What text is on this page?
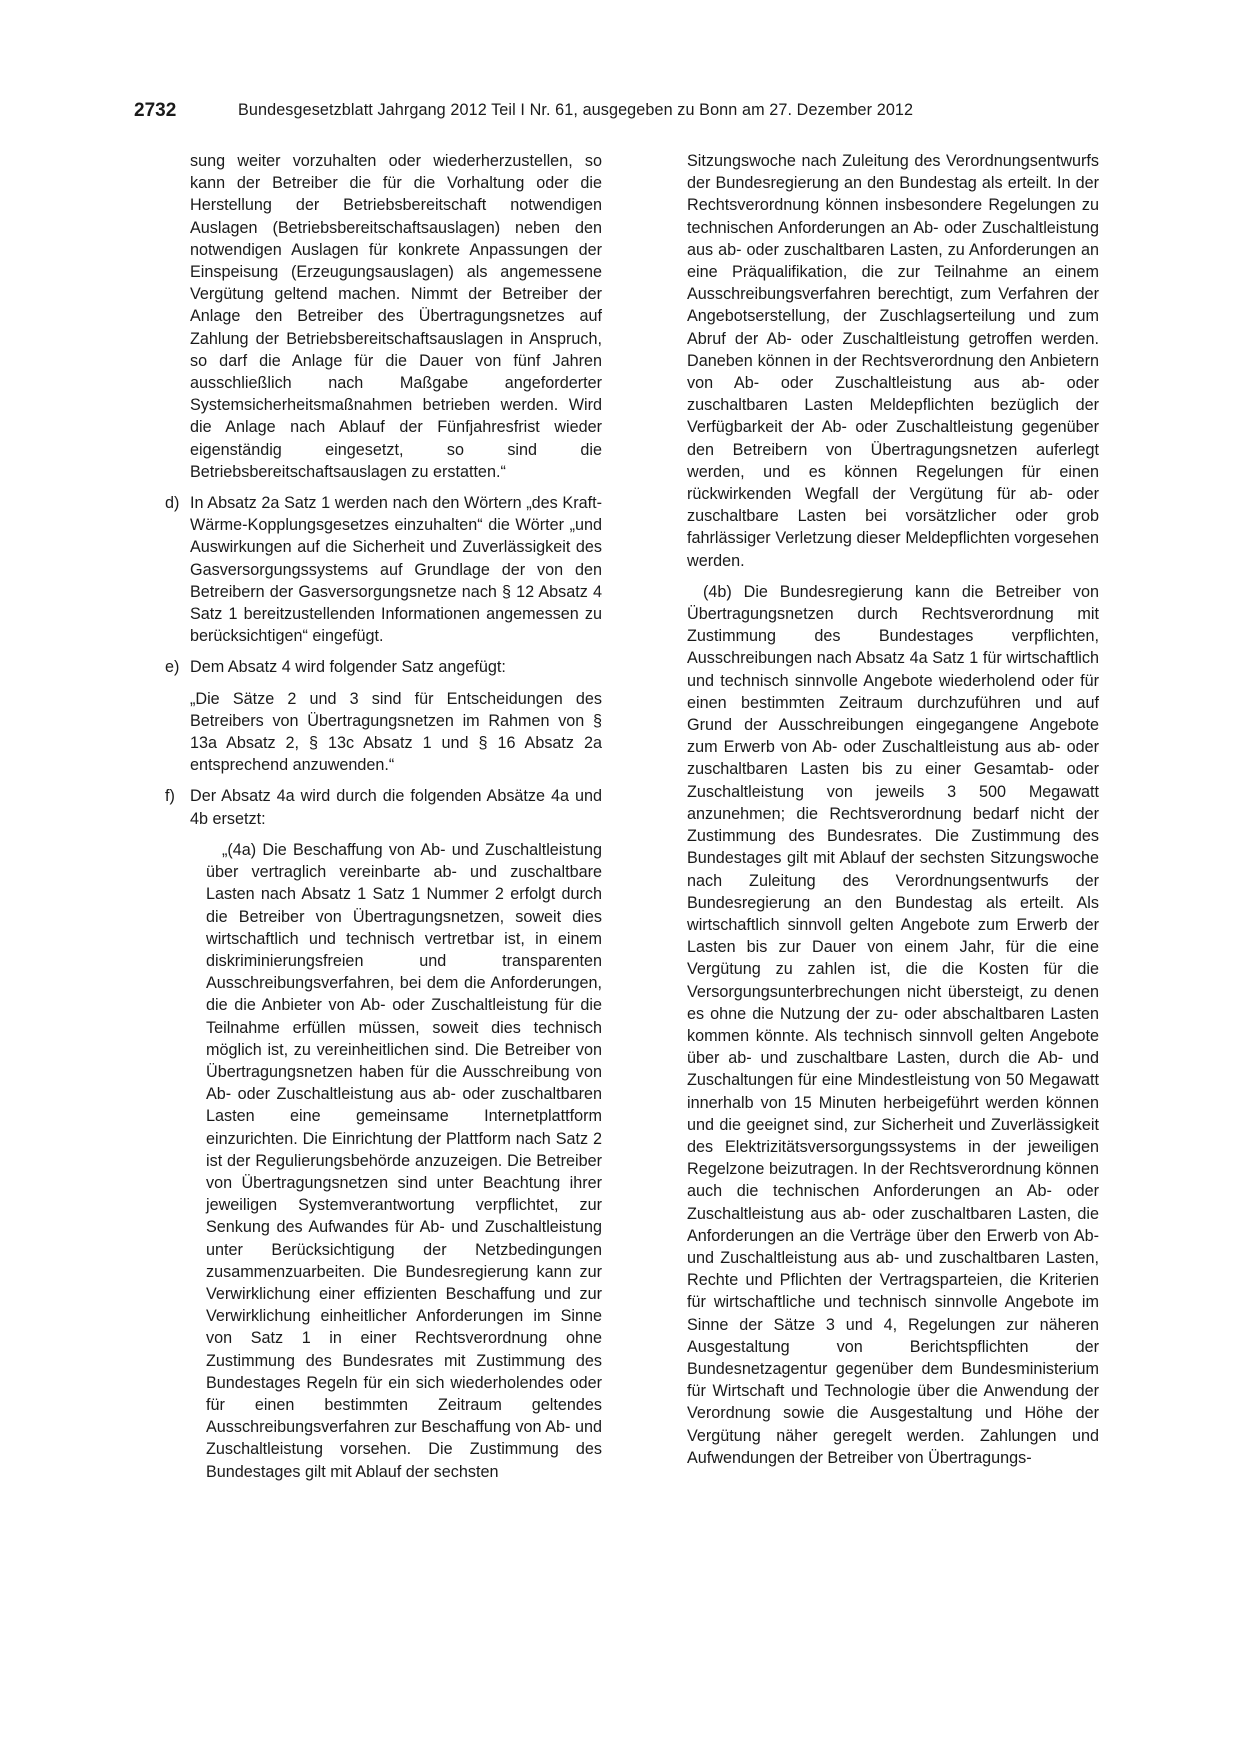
2732	Bundesgesetzblatt Jahrgang 2012 Teil I Nr. 61, ausgegeben zu Bonn am 27. Dezember 2012

sung weiter vorzuhalten oder wiederherzustellen, so kann der Betreiber die für die Vorhaltung oder die Herstellung der Betriebsbereitschaft notwendigen Auslagen (Betriebsbereitschaftsauslagen) neben den notwendigen Auslagen für konkrete Anpassungen der Einspeisung (Erzeugungsauslagen) als angemessene Vergütung geltend machen. Nimmt der Betreiber der Anlage den Betreiber des Übertragungsnetzes auf Zahlung der Betriebsbereitschaftsauslagen in Anspruch, so darf die Anlage für die Dauer von fünf Jahren ausschließlich nach Maßgabe angeforderter Systemsicherheitsmaßnahmen betrieben werden. Wird die Anlage nach Ablauf der Fünfjahresfrist wieder eigenständig eingesetzt, so sind die Betriebsbereitschaftsauslagen zu erstatten.“

d) In Absatz 2a Satz 1 werden nach den Wörtern „des Kraft-Wärme-Kopplungsgesetzes einzuhalten“ die Wörter „und Auswirkungen auf die Sicherheit und Zuverlässigkeit des Gasversorgungssystems auf Grundlage der von den Betreibern der Gasversorgungsnetze nach § 12 Absatz 4 Satz 1 bereitzustellenden Informationen angemessen zu berücksichtigen“ eingefügt.

e) Dem Absatz 4 wird folgender Satz angefügt:

„Die Sätze 2 und 3 sind für Entscheidungen des Betreibers von Übertragungsnetzen im Rahmen von § 13a Absatz 2, § 13c Absatz 1 und § 16 Absatz 2a entsprechend anzuwenden.“

f) Der Absatz 4a wird durch die folgenden Absätze 4a und 4b ersetzt:

„(4a) Die Beschaffung von Ab- und Zuschaltleistung über vertraglich vereinbarte ab- und zuschaltbare Lasten nach Absatz 1 Satz 1 Nummer 2 erfolgt durch die Betreiber von Übertragungsnetzen, soweit dies wirtschaftlich und technisch vertretbar ist, in einem diskriminierungsfreien und transparenten Ausschreibungsverfahren, bei dem die Anforderungen, die die Anbieter von Ab- oder Zuschaltleistung für die Teilnahme erfüllen müssen, soweit dies technisch möglich ist, zu vereinheitlichen sind. Die Betreiber von Übertragungsnetzen haben für die Ausschreibung von Ab- oder Zuschaltleistung aus ab- oder zuschaltbaren Lasten eine gemeinsame Internetplattform einzurichten. Die Einrichtung der Plattform nach Satz 2 ist der Regulierungsbehörde anzuzeigen. Die Betreiber von Übertragungsnetzen sind unter Beachtung ihrer jeweiligen Systemverantwortung verpflichtet, zur Senkung des Aufwandes für Ab- und Zuschaltleistung unter Berücksichtigung der Netzbedingungen zusammenzuarbeiten. Die Bundesregierung kann zur Verwirklichung einer effizienten Beschaffung und zur Verwirklichung einheitlicher Anforderungen im Sinne von Satz 1 in einer Rechtsverordnung ohne Zustimmung des Bundesrates mit Zustimmung des Bundestages Regeln für ein sich wiederholendes oder für einen bestimmten Zeitraum geltendes Ausschreibungsverfahren zur Beschaffung von Ab- und Zuschaltleistung vorsehen. Die Zustimmung des Bundestages gilt mit Ablauf der sechsten

Sitzungswoche nach Zuleitung des Verordnungsentwurfs der Bundesregierung an den Bundestag als erteilt. In der Rechtsverordnung können insbesondere Regelungen zu technischen Anforderungen an Ab- oder Zuschaltleistung aus ab- oder zuschaltbaren Lasten, zu Anforderungen an eine Präqualifikation, die zur Teilnahme an einem Ausschreibungsverfahren berechtigt, zum Verfahren der Angebotserstellung, der Zuschlagserteilung und zum Abruf der Ab- oder Zuschaltleistung getroffen werden. Daneben können in der Rechtsverordnung den Anbietern von Ab- oder Zuschaltleistung aus ab- oder zuschaltbaren Lasten Meldepflichten bezüglich der Verfügbarkeit der Ab- oder Zuschaltleistung gegenüber den Betreibern von Übertragungsnetzen auferlegt werden, und es können Regelungen für einen rückwirkenden Wegfall der Vergütung für ab- oder zuschaltbare Lasten bei vorsätzlicher oder grob fahrlässiger Verletzung dieser Meldepflichten vorgesehen werden.

(4b) Die Bundesregierung kann die Betreiber von Übertragungsnetzen durch Rechtsverordnung mit Zustimmung des Bundestages verpflichten, Ausschreibungen nach Absatz 4a Satz 1 für wirtschaftlich und technisch sinnvolle Angebote wiederholend oder für einen bestimmten Zeitraum durchzuführen und auf Grund der Ausschreibungen eingegangene Angebote zum Erwerb von Ab- oder Zuschaltleistung aus ab- oder zuschaltbaren Lasten bis zu einer Gesamtab- oder Zuschaltleistung von jeweils 3 500 Megawatt anzunehmen; die Rechtsverordnung bedarf nicht der Zustimmung des Bundesrates. Die Zustimmung des Bundestages gilt mit Ablauf der sechsten Sitzungswoche nach Zuleitung des Verordnungsentwurfs der Bundesregierung an den Bundestag als erteilt. Als wirtschaftlich sinnvoll gelten Angebote zum Erwerb der Lasten bis zur Dauer von einem Jahr, für die eine Vergütung zu zahlen ist, die die Kosten für die Versorgungsunterbrechungen nicht übersteigt, zu denen es ohne die Nutzung der zu- oder abschaltbaren Lasten kommen könnte. Als technisch sinnvoll gelten Angebote über ab- und zuschaltbare Lasten, durch die Ab- und Zuschaltungen für eine Mindestleistung von 50 Megawatt innerhalb von 15 Minuten herbeigeführt werden können und die geeignet sind, zur Sicherheit und Zuverlässigkeit des Elektrizitätsversorgungssystems in der jeweiligen Regelzone beizutragen. In der Rechtsverordnung können auch die technischen Anforderungen an Ab- oder Zuschaltleistung aus ab- oder zuschaltbaren Lasten, die Anforderungen an die Verträge über den Erwerb von Ab- und Zuschaltleistung aus ab- und zuschaltbaren Lasten, Rechte und Pflichten der Vertragsparteien, die Kriterien für wirtschaftliche und technisch sinnvolle Angebote im Sinne der Sätze 3 und 4, Regelungen zur näheren Ausgestaltung von Berichtspflichten der Bundesnetzagentur gegenüber dem Bundesministerium für Wirtschaft und Technologie über die Anwendung der Verordnung sowie die Ausgestaltung und Höhe der Vergütung näher geregelt werden. Zahlungen und Aufwendungen der Betreiber von Übertragungs-
